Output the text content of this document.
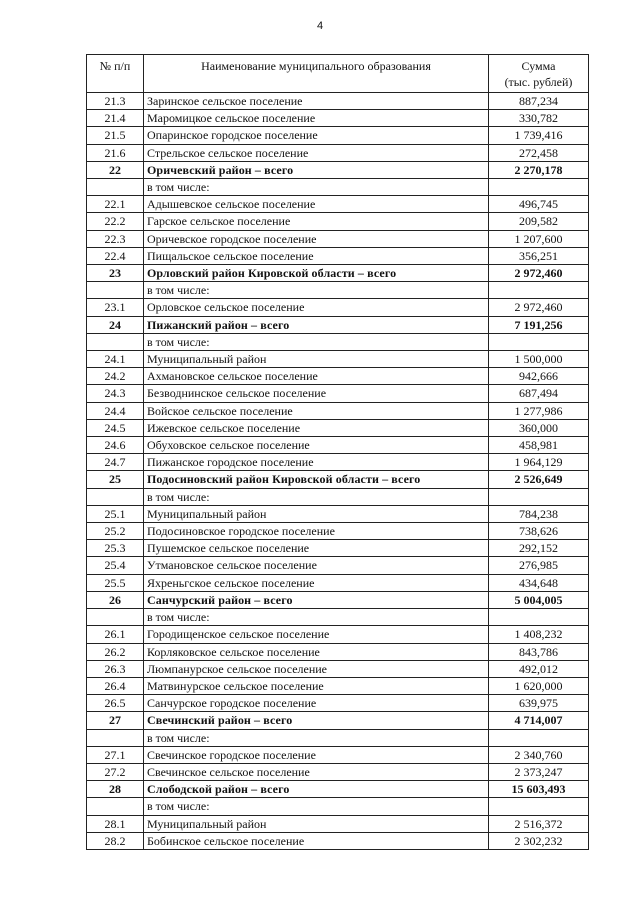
4
№ п/п	Наименование муниципального образования	Сумма
(тыс. рублей)

21.3	Заринское сельское поселение	887,234
21.4	Маромицкое сельское поселение	330,782
21.5	Опаринское городское поселение	1 739,416
21.6	Стрельское сельское поселение	272,458
22	Оричевский район – всего	2 270,178
	в том числе:	
22.1	Адышевское сельское поселение	496,745
22.2	Гарское сельское поселение	209,582
22.3	Оричевское городское поселение	1 207,600
22.4	Пищальское сельское поселение	356,251
23	Орловский район Кировской области – всего	2 972,460
	в том числе:	
23.1	Орловское сельское поселение	2 972,460
24	Пижанский район – всего	7 191,256
	в том числе:	
24.1	Муниципальный район	1 500,000
24.2	Ахмановское сельское поселение	942,666
24.3	Безводнинское сельское поселение	687,494
24.4	Войское сельское поселение	1 277,986
24.5	Ижевское сельское поселение	360,000
24.6	Обуховское сельское поселение	458,981
24.7	Пижанское городское поселение	1 964,129
25	Подосиновский район Кировской области – всего	2 526,649
	в том числе:	
25.1	Муниципальный район	784,238
25.2	Подосиновское городское поселение	738,626
25.3	Пушемское сельское поселение	292,152
25.4	Утмановское сельское поселение	276,985
25.5	Яхреньгское сельское поселение	434,648
26	Санчурский район – всего	5 004,005
	в том числе:	
26.1	Городищенское сельское поселение	1 408,232
26.2	Корляковское сельское поселение	843,786
26.3	Люмпанурское сельское поселение	492,012
26.4	Матвинурское сельское поселение	1 620,000
26.5	Санчурское городское поселение	639,975
27	Свечинский район – всего	4 714,007
	в том числе:	
27.1	Свечинское городское поселение	2 340,760
27.2	Свечинское сельское поселение	2 373,247
28	Слободской район – всего	15 603,493
	в том числе:	
28.1	Муниципальный район	2 516,372
28.2	Бобинское сельское поселение	2 302,232
